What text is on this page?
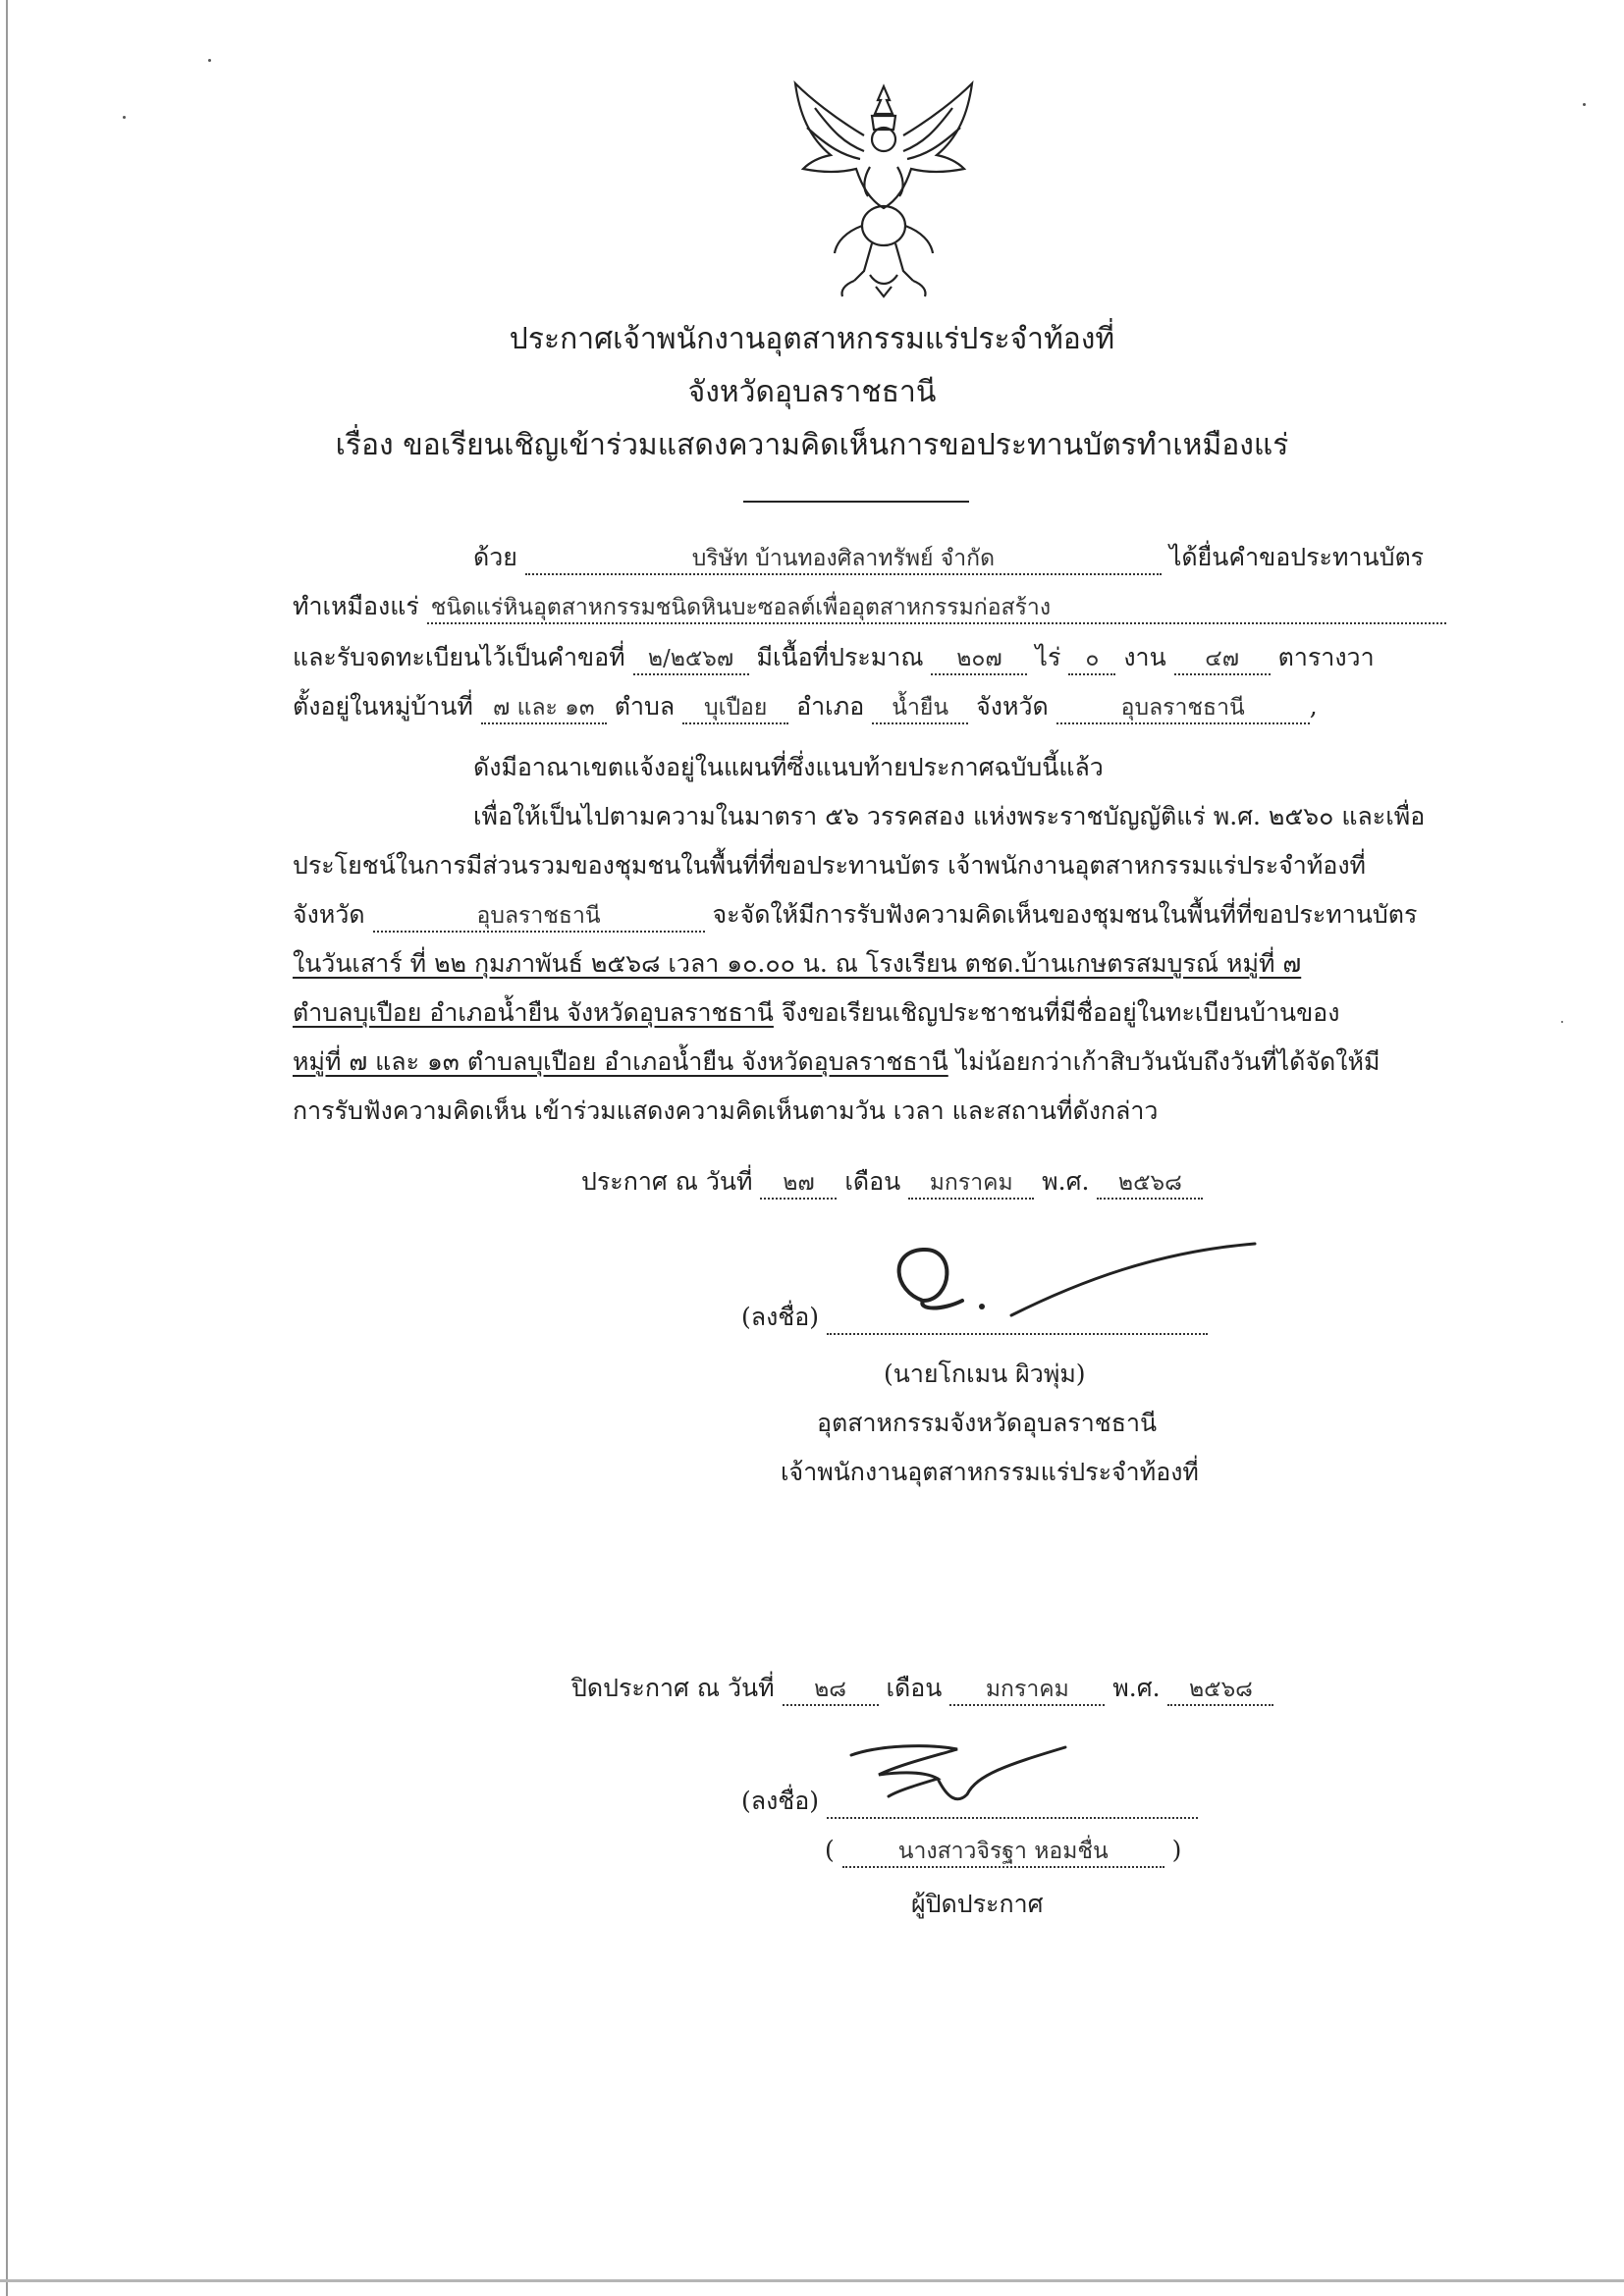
ประกาศเจ้าพนักงานอุตสาหกรรมแร่ประจำท้องที่
จังหวัดอุบลราชธานี
เรื่อง ขอเรียนเชิญเข้าร่วมแสดงความคิดเห็นการขอประทานบัตรทำเหมืองแร่
ด้วย	บริษัท บ้านทองศิลาทรัพย์ จำกัด	ได้ยื่นคำขอประทานบัตร
ทำเหมืองแร่ ชนิดแร่หินอุตสาหกรรมชนิดหินบะซอลต์เพื่ออุตสาหกรรมก่อสร้าง
และรับจดทะเบียนไว้เป็นคำขอที่ ๒/๒๕๖๗ มีเนื้อที่ประมาณ ๒๐๗ ไร่ ๐ งาน ๔๗ ตารางวา
ตั้งอยู่ในหมู่บ้านที่ ๗ และ ๑๓ ตำบล บุเปือย อำเภอ น้ำยืน จังหวัด	อุบลราชธานี	,
ดังมีอาณาเขตแจ้งอยู่ในแผนที่ซึ่งแนบท้ายประกาศฉบับนี้แล้ว
เพื่อให้เป็นไปตามความในมาตรา ๕๖ วรรคสอง แห่งพระราชบัญญัติแร่ พ.ศ. ๒๕๖๐ และเพื่อ
ประโยชน์ในการมีส่วนรวมของชุมชนในพื้นที่ที่ขอประทานบัตร เจ้าพนักงานอุตสาหกรรมแร่ประจำท้องที่
จังหวัด	อุบลราชธานี	จะจัดให้มีการรับฟังความคิดเห็นของชุมชนในพื้นที่ที่ขอประทานบัตร
ในวันเสาร์ ที่ ๒๒ กุมภาพันธ์ ๒๕๖๘ เวลา ๑๐.๐๐ น. ณ โรงเรียน ตชด.บ้านเกษตรสมบูรณ์ หมู่ที่ ๗
ตำบลบุเปือย อำเภอน้ำยืน จังหวัดอุบลราชธานี จึงขอเรียนเชิญประชาชนที่มีชื่ออยู่ในทะเบียนบ้านของ
หมู่ที่ ๗ และ ๑๓ ตำบลบุเปือย อำเภอน้ำยืน จังหวัดอุบลราชธานี ไม่น้อยกว่าเก้าสิบวันนับถึงวันที่ได้จัดให้มี
การรับฟังความคิดเห็น เข้าร่วมแสดงความคิดเห็นตามวัน เวลา และสถานที่ดังกล่าว
ประกาศ ณ วันที่ ๒๗ เดือน มกราคม พ.ศ. ๒๕๖๘
(ลงชื่อ)
(นายโกเมน ผิวพุ่ม)
อุตสาหกรรมจังหวัดอุบลราชธานี
เจ้าพนักงานอุตสาหกรรมแร่ประจำท้องที่
ปิดประกาศ ณ วันที่ ๒๘ เดือน มกราคม พ.ศ. ๒๕๖๘
(ลงชื่อ)
(	นางสาวจิรฐา หอมชื่น	)
ผู้ปิดประกาศ
